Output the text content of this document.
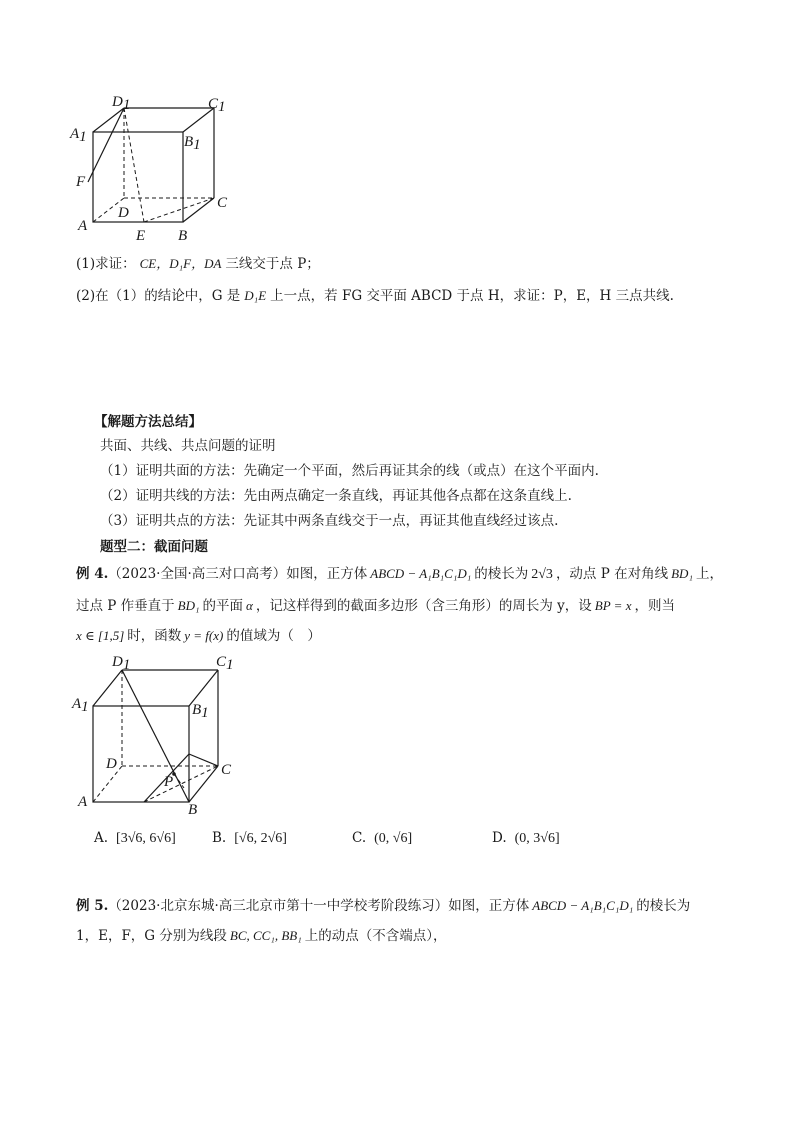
D1	C1
A1	B1
F
D
C
A
E B
(1)求证： CE，D₁F，DA 三线交于点 P；
(2)在（1）的结论中，G 是 D₁E 上一点，若 FG 交平面 ABCD 于点 H，求证：P，E，H 三点共线.
【解题方法总结】
共面、共线、共点问题的证明
（1）证明共面的方法：先确定一个平面，然后再证其余的线（或点）在这个平面内.
（2）证明共线的方法：先由两点确定一条直线，再证其他各点都在这条直线上.
（3）证明共点的方法：先证其中两条直线交于一点，再证其他直线经过该点.
题型二：截面问题
例 4.（2023·全国·高三对口高考）如图，正方体 ABCD − A₁B₁C₁D₁ 的棱长为 2√3 ，动点 P 在对角线 BD₁ 上，
过点 P 作垂直于 BD₁ 的平面 α ，记这样得到的截面多边形（含三角形）的周长为 y，设 BP = x ，则当
x ∈ [1,5] 时，函数 y = f(x) 的值域为（　）
D1	C1
A1	B1
D	C
A	B
P
A. [3√6, 6√6]	B. [√6, 2√6]	C. (0, √6]	D. (0, 3√6]
例 5.（2023·北京东城·高三北京市第十一中学校考阶段练习）如图，正方体 ABCD − A₁B₁C₁D₁ 的棱长为
1，E，F，G 分别为线段 BC, CC₁, BB₁ 上的动点（不含端点），
